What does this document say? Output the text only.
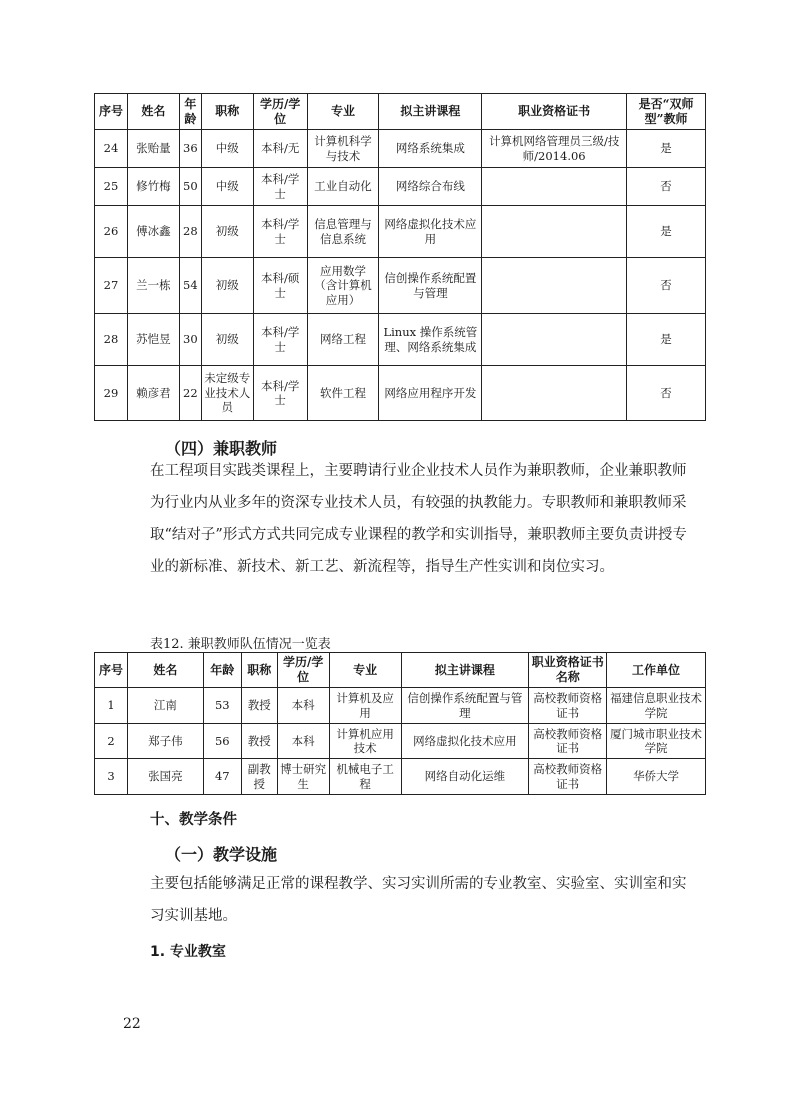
序号	姓名	年龄	职称	学历/学位	专业	拟主讲课程	职业资格证书	是否“双师型”教师
24	张贻量	36	中级	本科/无	计算机科学与技术	网络系统集成	计算机网络管理员三级/技师/2014.06	是
25	修竹梅	50	中级	本科/学士	工业自动化	网络综合布线		否
26	傅冰鑫	28	初级	本科/学士	信息管理与信息系统	网络虚拟化技术应用		是
27	兰一栋	54	初级	本科/硕士	应用数学（含计算机应用）	信创操作系统配置与管理		否
28	苏恺昱	30	初级	本科/学士	网络工程	Linux 操作系统管理、网络系统集成		是
29	赖彦君	22	未定级专业技术人员	本科/学士	软件工程	网络应用程序开发		否
（四）兼职教师

在工程项目实践类课程上，主要聘请行业企业技术人员作为兼职教师，企业兼职教师为行业内从业多年的资深专业技术人员，有较强的执教能力。专职教师和兼职教师采取“结对子”形式方式共同完成专业课程的教学和实训指导，兼职教师主要负责讲授专业的新标准、新技术、新工艺、新流程等，指导生产性实训和岗位实习。

表12. 兼职教师队伍情况一览表
序号	姓名	年龄	职称	学历/学位	专业	拟主讲课程	职业资格证书名称	工作单位
1	江南	53	教授	本科	计算机及应用	信创操作系统配置与管理	高校教师资格证书	福建信息职业技术学院
2	郑子伟	56	教授	本科	计算机应用技术	网络虚拟化技术应用	高校教师资格证书	厦门城市职业技术学院
3	张国亮	47	副教授	博士研究生	机械电子工程	网络自动化运维	高校教师资格证书	华侨大学
十、教学条件
（一）教学设施

主要包括能够满足正常的课程教学、实习实训所需的专业教室、实验室、实训室和实习实训基地。

1. 专业教室
22
